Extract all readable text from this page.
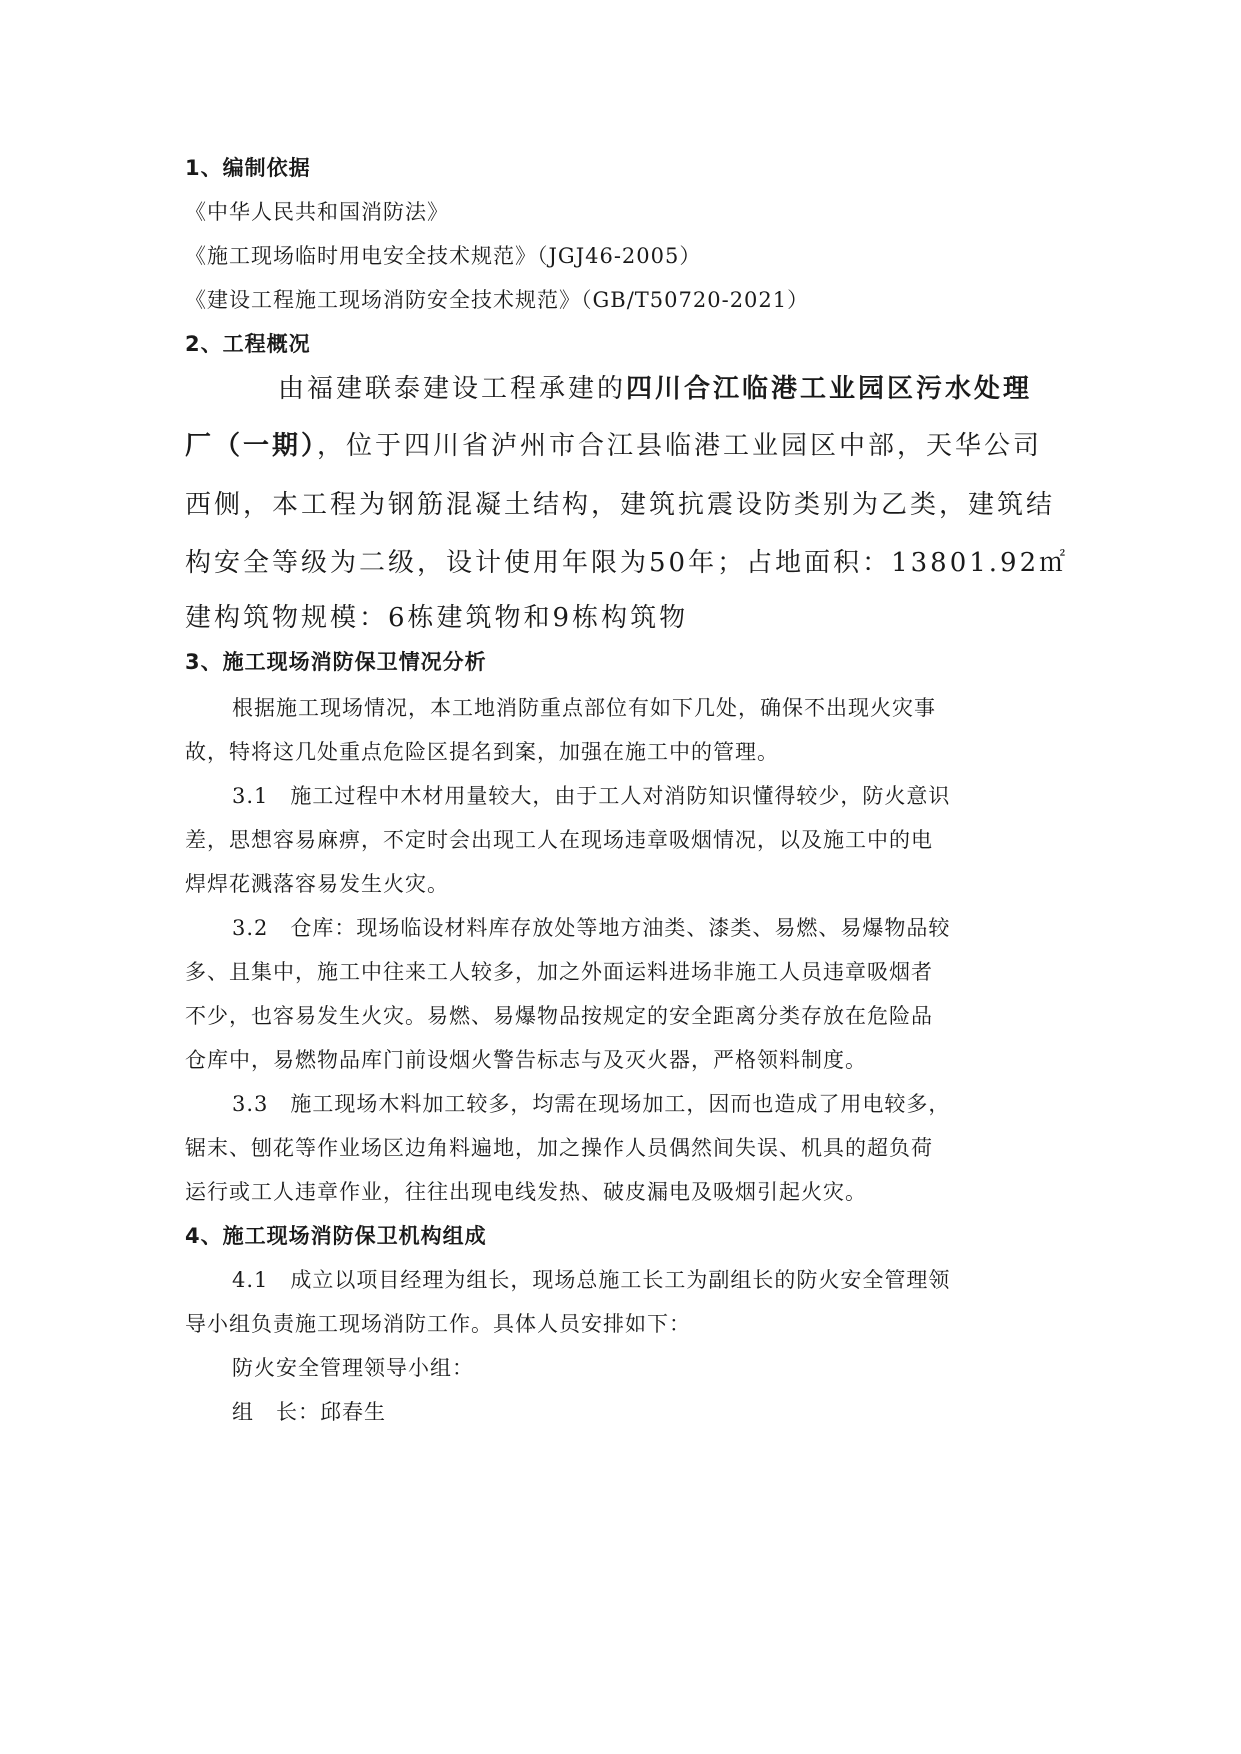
1、编制依据
《中华人民共和国消防法》
《施工现场临时用电安全技术规范》（JGJ46-2005）
《建设工程施工现场消防安全技术规范》（GB/T50720-2021）
2、工程概况
由福建联泰建设工程承建的四川合江临港工业园区污水处理
厂（一期），位于四川省泸州市合江县临港工业园区中部，天华公司
西侧，本工程为钢筋混凝土结构，建筑抗震设防类别为乙类，建筑结
构安全等级为二级，设计使用年限为50年；占地面积：13801.92㎡
建构筑物规模：6栋建筑物和9栋构筑物
3、施工现场消防保卫情况分析
根据施工现场情况，本工地消防重点部位有如下几处，确保不出现火灾事
故，特将这几处重点危险区提名到案，加强在施工中的管理。
3.1　施工过程中木材用量较大，由于工人对消防知识懂得较少，防火意识
差，思想容易麻痹，不定时会出现工人在现场违章吸烟情况，以及施工中的电
焊焊花溅落容易发生火灾。
3.2　仓库：现场临设材料库存放处等地方油类、漆类、易燃、易爆物品较
多、且集中，施工中往来工人较多，加之外面运料进场非施工人员违章吸烟者
不少，也容易发生火灾。易燃、易爆物品按规定的安全距离分类存放在危险品
仓库中，易燃物品库门前设烟火警告标志与及灭火器，严格领料制度。
3.3　施工现场木料加工较多，均需在现场加工，因而也造成了用电较多，
锯末、刨花等作业场区边角料遍地，加之操作人员偶然间失误、机具的超负荷
运行或工人违章作业，往往出现电线发热、破皮漏电及吸烟引起火灾。
4、施工现场消防保卫机构组成
4.1　成立以项目经理为组长，现场总施工长工为副组长的防火安全管理领
导小组负责施工现场消防工作。具体人员安排如下：
防火安全管理领导小组：
组　长：邱春生
